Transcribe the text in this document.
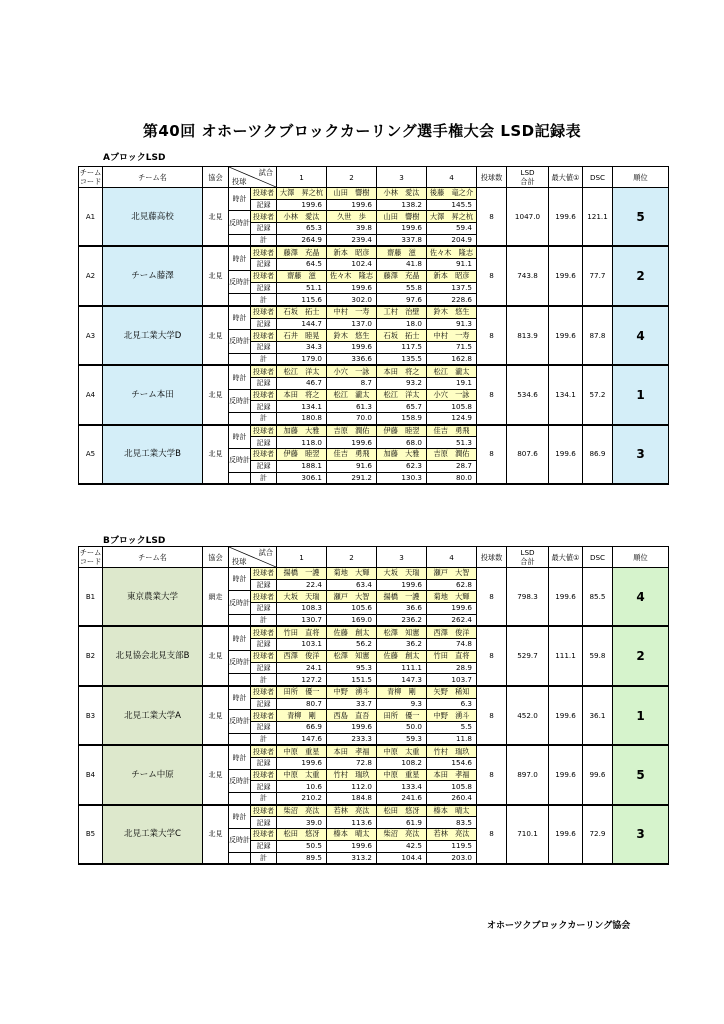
第40回 オホーツクブロックカーリング選手権大会 LSD記録表
AブロックLSD
チーム
コード	チーム名	協会	試合
投球		1	2	3	4	投球数	LSD
合計	最大値①	DSC	順位
A1	北見藤高校	北見	時計	投球者	大澤　昇之杭	山田　響樹	小林　愛汰	後藤　竜之介	8	1047.0	199.6	121.1	5
				記録	199.6	199.6	138.2	145.5					
			反時計	投球者	小林　愛汰	久世　歩	山田　響樹	大澤　昇之杭					
				記録	65.3	39.8	199.6	59.4					
				計	264.9	239.4	337.8	204.9					
A2	チーム藤澤	北見	時計	投球者	藤澤　充晶	新本　昭彦	齋藤　滋	佐々木　隆志	8	743.8	199.6	77.7	2
				記録	64.5	102.4	41.8	91.1					
			反時計	投球者	齋藤　滋	佐々木　隆志	藤澤　充晶	新本　昭彦					
				記録	51.1	199.6	55.8	137.5					
				計	115.6	302.0	97.6	228.6					
A3	北見工業大学D	北見	時計	投球者	石坂　拓士	中村　一寿	工村　治壁	鈴木　悠生	8	813.9	199.6	87.8	4
				記録	144.7	137.0	18.0	91.3					
			反時計	投球者	石井　睦晃	鈴木　悠生	石坂　拓士	中村　一寿					
				記録	34.3	199.6	117.5	71.5					
				計	179.0	336.6	135.5	162.8					
A4	チーム本田	北見	時計	投球者	松江　洋太	小穴　一詠	本田　将之	松江　瀧太	8	534.6	134.1	57.2	1
				記録	46.7	8.7	93.2	19.1					
			反時計	投球者	本田　将之	松江　瀧太	松江　洋太	小穴　一詠					
				記録	134.1	61.3	65.7	105.8					
				計	180.8	70.0	158.9	124.9					
A5	北見工業大学B	北見	時計	投球者	加藤　大雅	吉原　潤佑	伊藤　睦翌	佳吉　勇飛	8	807.6	199.6	86.9	3
				記録	118.0	199.6	68.0	51.3					
			反時計	投球者	伊藤　睦翌	佳吉　勇飛	加藤　大雅	吉原　潤佑					
				記録	188.1	91.6	62.3	28.7					
				計	306.1	291.2	130.3	80.0					
BブロックLSD
チーム
コード	チーム名	協会	試合
投球		1	2	3	4	投球数	LSD
合計	最大値①	DSC	順位
B1	東京農業大学	網走	時計	投球者	揚橋　一護	菊地　大輝	大坂　天瑞	瀬戸　大智	8	798.3	199.6	85.5	4
				記録	22.4	63.4	199.6	62.8					
			反時計	投球者	大坂　天瑞	瀬戸　大智	揚橋　一護	菊地　大輝					
				記録	108.3	105.6	36.6	199.6					
				計	130.7	169.0	236.2	262.4					
B2	北見協会北見支部B	北見	時計	投球者	竹田　直将	佐藤　創太	松澤　知憲	西澤　俊洋	8	529.7	111.1	59.8	2
				記録	103.1	56.2	36.2	74.8					
			反時計	投球者	西澤　俊洋	松澤　知憲	佐藤　創太	竹田　直将					
				記録	24.1	95.3	111.1	28.9					
				計	127.2	151.5	147.3	103.7					
B3	北見工業大学A	北見	時計	投球者	田所　優一	中野　湧斗	青柳　剛	矢野　稀知	8	452.0	199.6	36.1	1
				記録	80.7	33.7	9.3	6.3					
			反時計	投球者	青柳　剛	西島　直吾	田所　優一	中野　湧斗					
				記録	66.9	199.6	50.0	5.5					
				計	147.6	233.3	59.3	11.8					
B4	チーム中原	北見	時計	投球者	中原　重星	本田　孝福	中原　太重	竹村　瑞玖	8	897.0	199.6	99.6	5
				記録	199.6	72.8	108.2	154.6					
			反時計	投球者	中原　太重	竹村　瑞玖	中原　重星	本田　孝福					
				記録	10.6	112.0	133.4	105.8					
				計	210.2	184.8	241.6	260.4					
B5	北見工業大学C	北見	時計	投球者	柴沼　亮汰	若林　亮汰	松田　悠冴	榛本　晴太	8	710.1	199.6	72.9	3
				記録	39.0	113.6	61.9	83.5					
			反時計	投球者	松田　悠冴	榛本　晴太	柴沼　亮汰	若林　亮汰					
				記録	50.5	199.6	42.5	119.5					
				計	89.5	313.2	104.4	203.0					
オホーツクブロックカーリング協会
